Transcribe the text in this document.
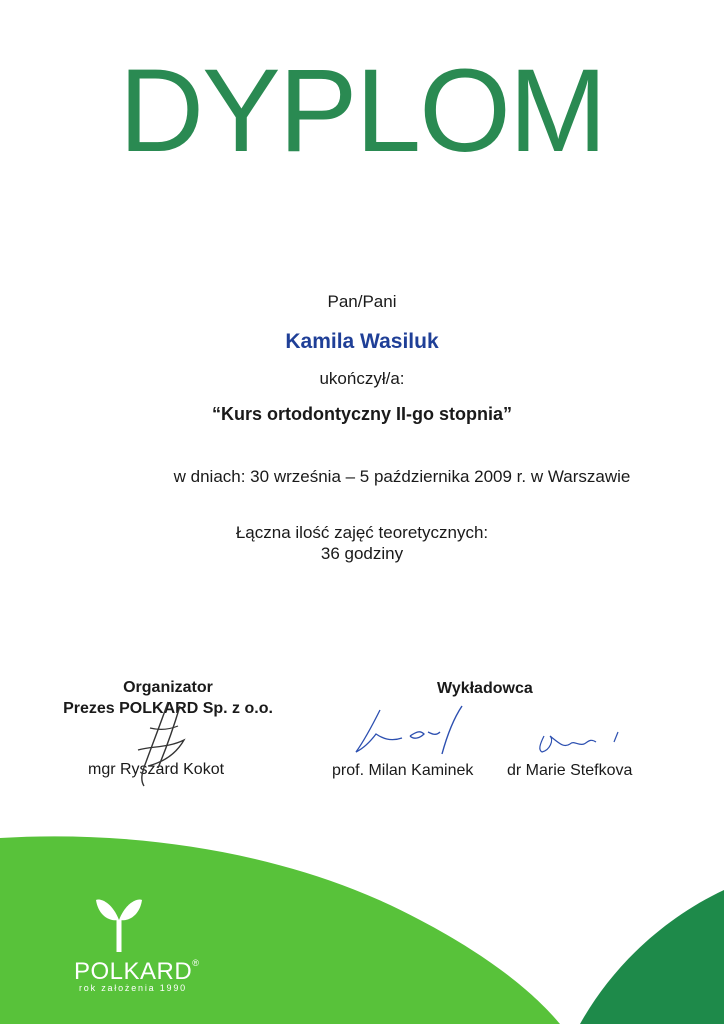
DYPLOM
Pan/Pani
Kamila Wasiluk
ukończył/a:
“Kurs ortodontyczny II-go stopnia”
w dniach: 30 września – 5 października 2009 r. w Warszawie
Łączna ilość zajęć teoretycznych:
36 godziny
Organizator
Prezes POLKARD Sp. z o.o.
mgr Ryszard Kokot
Wykładowca
prof. Milan Kaminek dr Marie Stefkova
POLKARD®
rok założenia 1990
